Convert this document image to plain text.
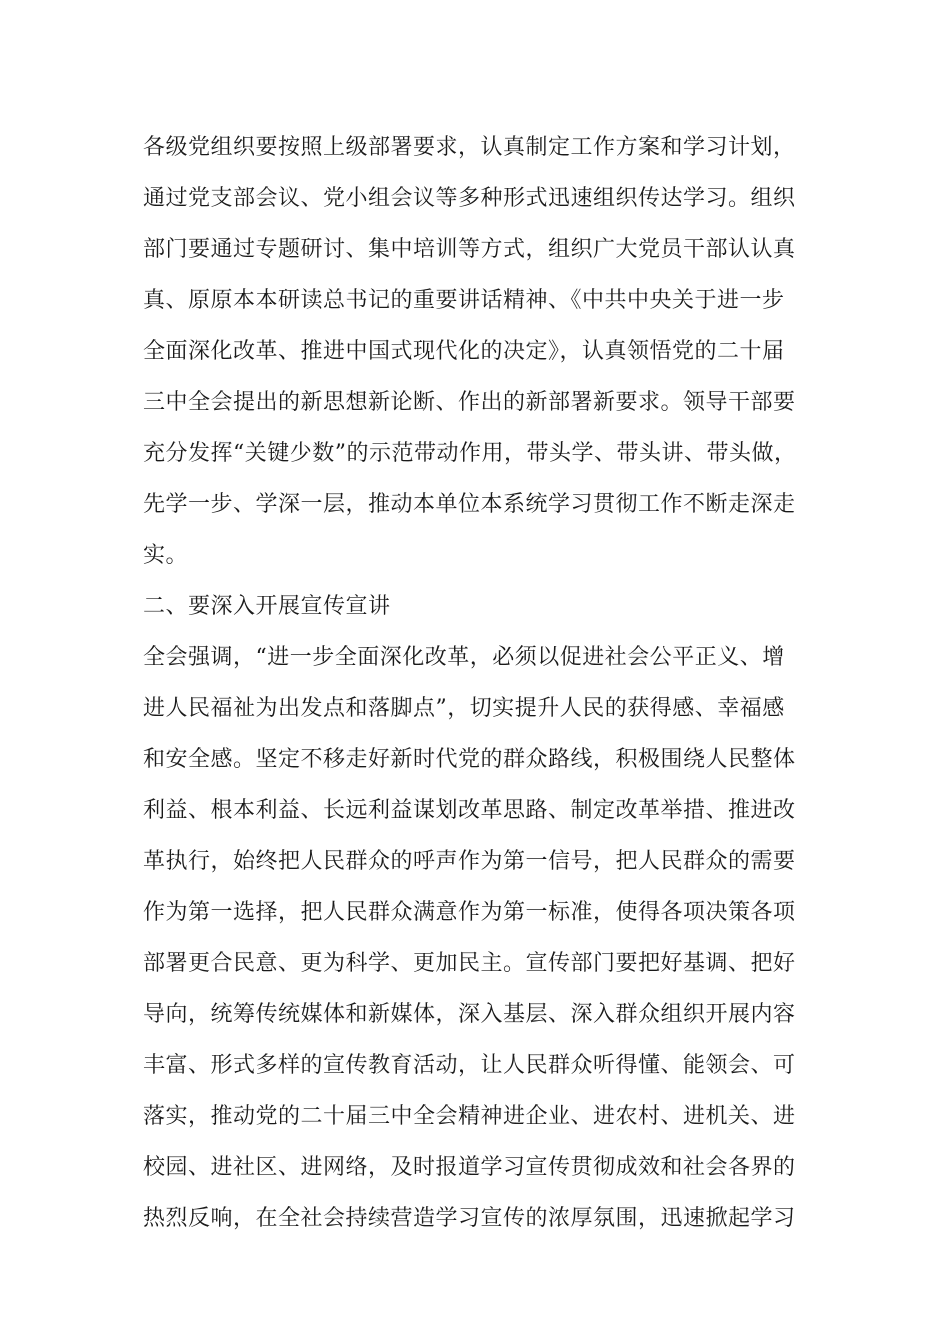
各级党组织要按照上级部署要求，认真制定工作方案和学习计划，
通过党支部会议、党小组会议等多种形式迅速组织传达学习。组织
部门要通过专题研讨、集中培训等方式，组织广大党员干部认认真
真、原原本本研读总书记的重要讲话精神、《中共中央关于进一步
全面深化改革、推进中国式现代化的决定》，认真领悟党的二十届
三中全会提出的新思想新论断、作出的新部署新要求。领导干部要
充分发挥“关键少数”的示范带动作用，带头学、带头讲、带头做，
先学一步、学深一层，推动本单位本系统学习贯彻工作不断走深走
实。
二、要深入开展宣传宣讲
全会强调，“进一步全面深化改革，必须以促进社会公平正义、增
进人民福祉为出发点和落脚点”，切实提升人民的获得感、幸福感
和安全感。坚定不移走好新时代党的群众路线，积极围绕人民整体
利益、根本利益、长远利益谋划改革思路、制定改革举措、推进改
革执行，始终把人民群众的呼声作为第一信号，把人民群众的需要
作为第一选择，把人民群众满意作为第一标准，使得各项决策各项
部署更合民意、更为科学、更加民主。宣传部门要把好基调、把好
导向，统筹传统媒体和新媒体，深入基层、深入群众组织开展内容
丰富、形式多样的宣传教育活动，让人民群众听得懂、能领会、可
落实，推动党的二十届三中全会精神进企业、进农村、进机关、进
校园、进社区、进网络，及时报道学习宣传贯彻成效和社会各界的
热烈反响，在全社会持续营造学习宣传的浓厚氛围，迅速掀起学习
